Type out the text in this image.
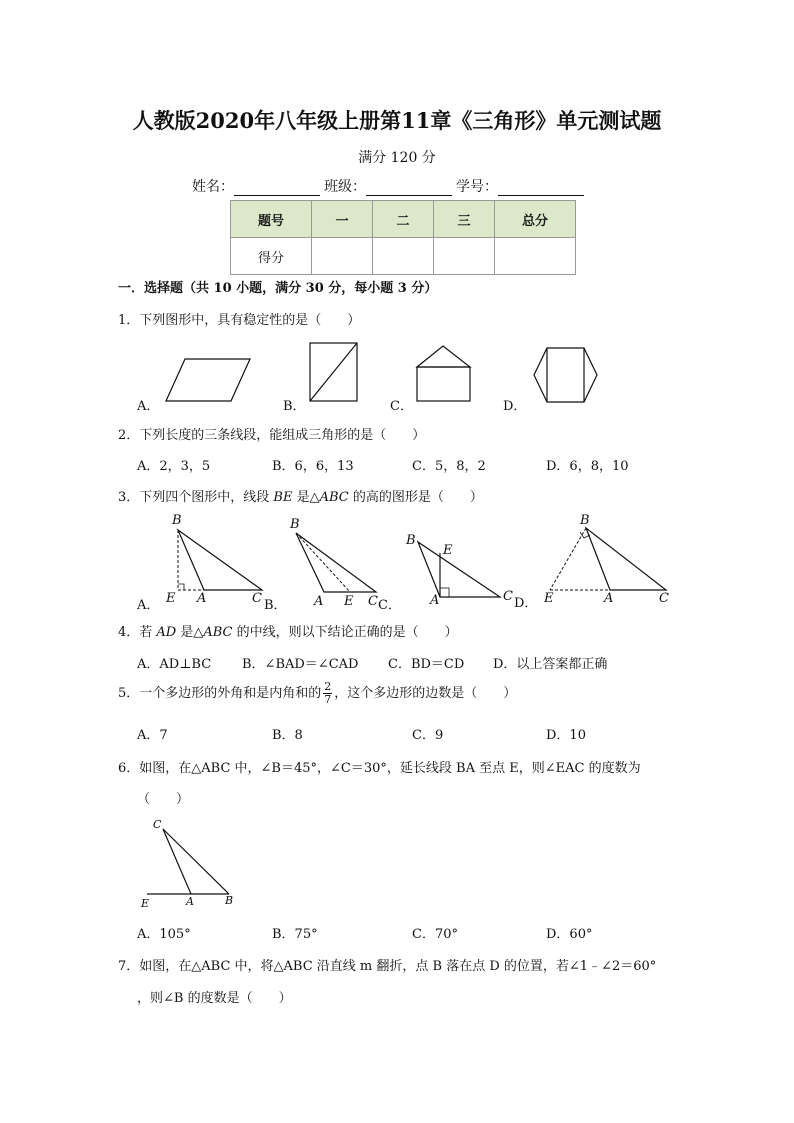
人教版2020年八年级上册第11章《三角形》单元测试题
满分 120 分
姓名：	班级：	学号：
题号	一	二	三	总分
得分				
一．选择题（共 10 小题，满分 30 分，每小题 3 分）
1．下列图形中，具有稳定性的是（　　）
A．	B．	C．	D．
2．下列长度的三条线段，能组成三角形的是（　　）
A．2，3，5	B．6，6，13	C．5，8，2	D．6，8，10
3．下列四个图形中，线段 BE 是△ABC 的高的图形是（　　）
B
E A	C
B
A E C
B
E
A	C
B
E	A	C
A．	B．	C．	D．
4．若 AD 是△ABC 的中线，则以下结论正确的是（　　）
A．AD⊥BC B．∠BAD＝∠CAD C．BD＝CD D．以上答案都正确
5．一个多边形的外角和是内角和的 $\frac{2}{7}$ ，这个多边形的边数是（　　）
A．7	B．8	C．9	D．10
6．如图，在△ABC 中，∠B＝45°，∠C＝30°，延长线段 BA 至点 E，则∠EAC 的度数为
（　　）
C
E	A	B
A．105°	B．75°	C．70°	D．60°
7．如图，在△ABC 中，将△ABC 沿直线 m 翻折，点 B 落在点 D 的位置，若∠1﹣∠2＝60°
，则∠B 的度数是（　　）
